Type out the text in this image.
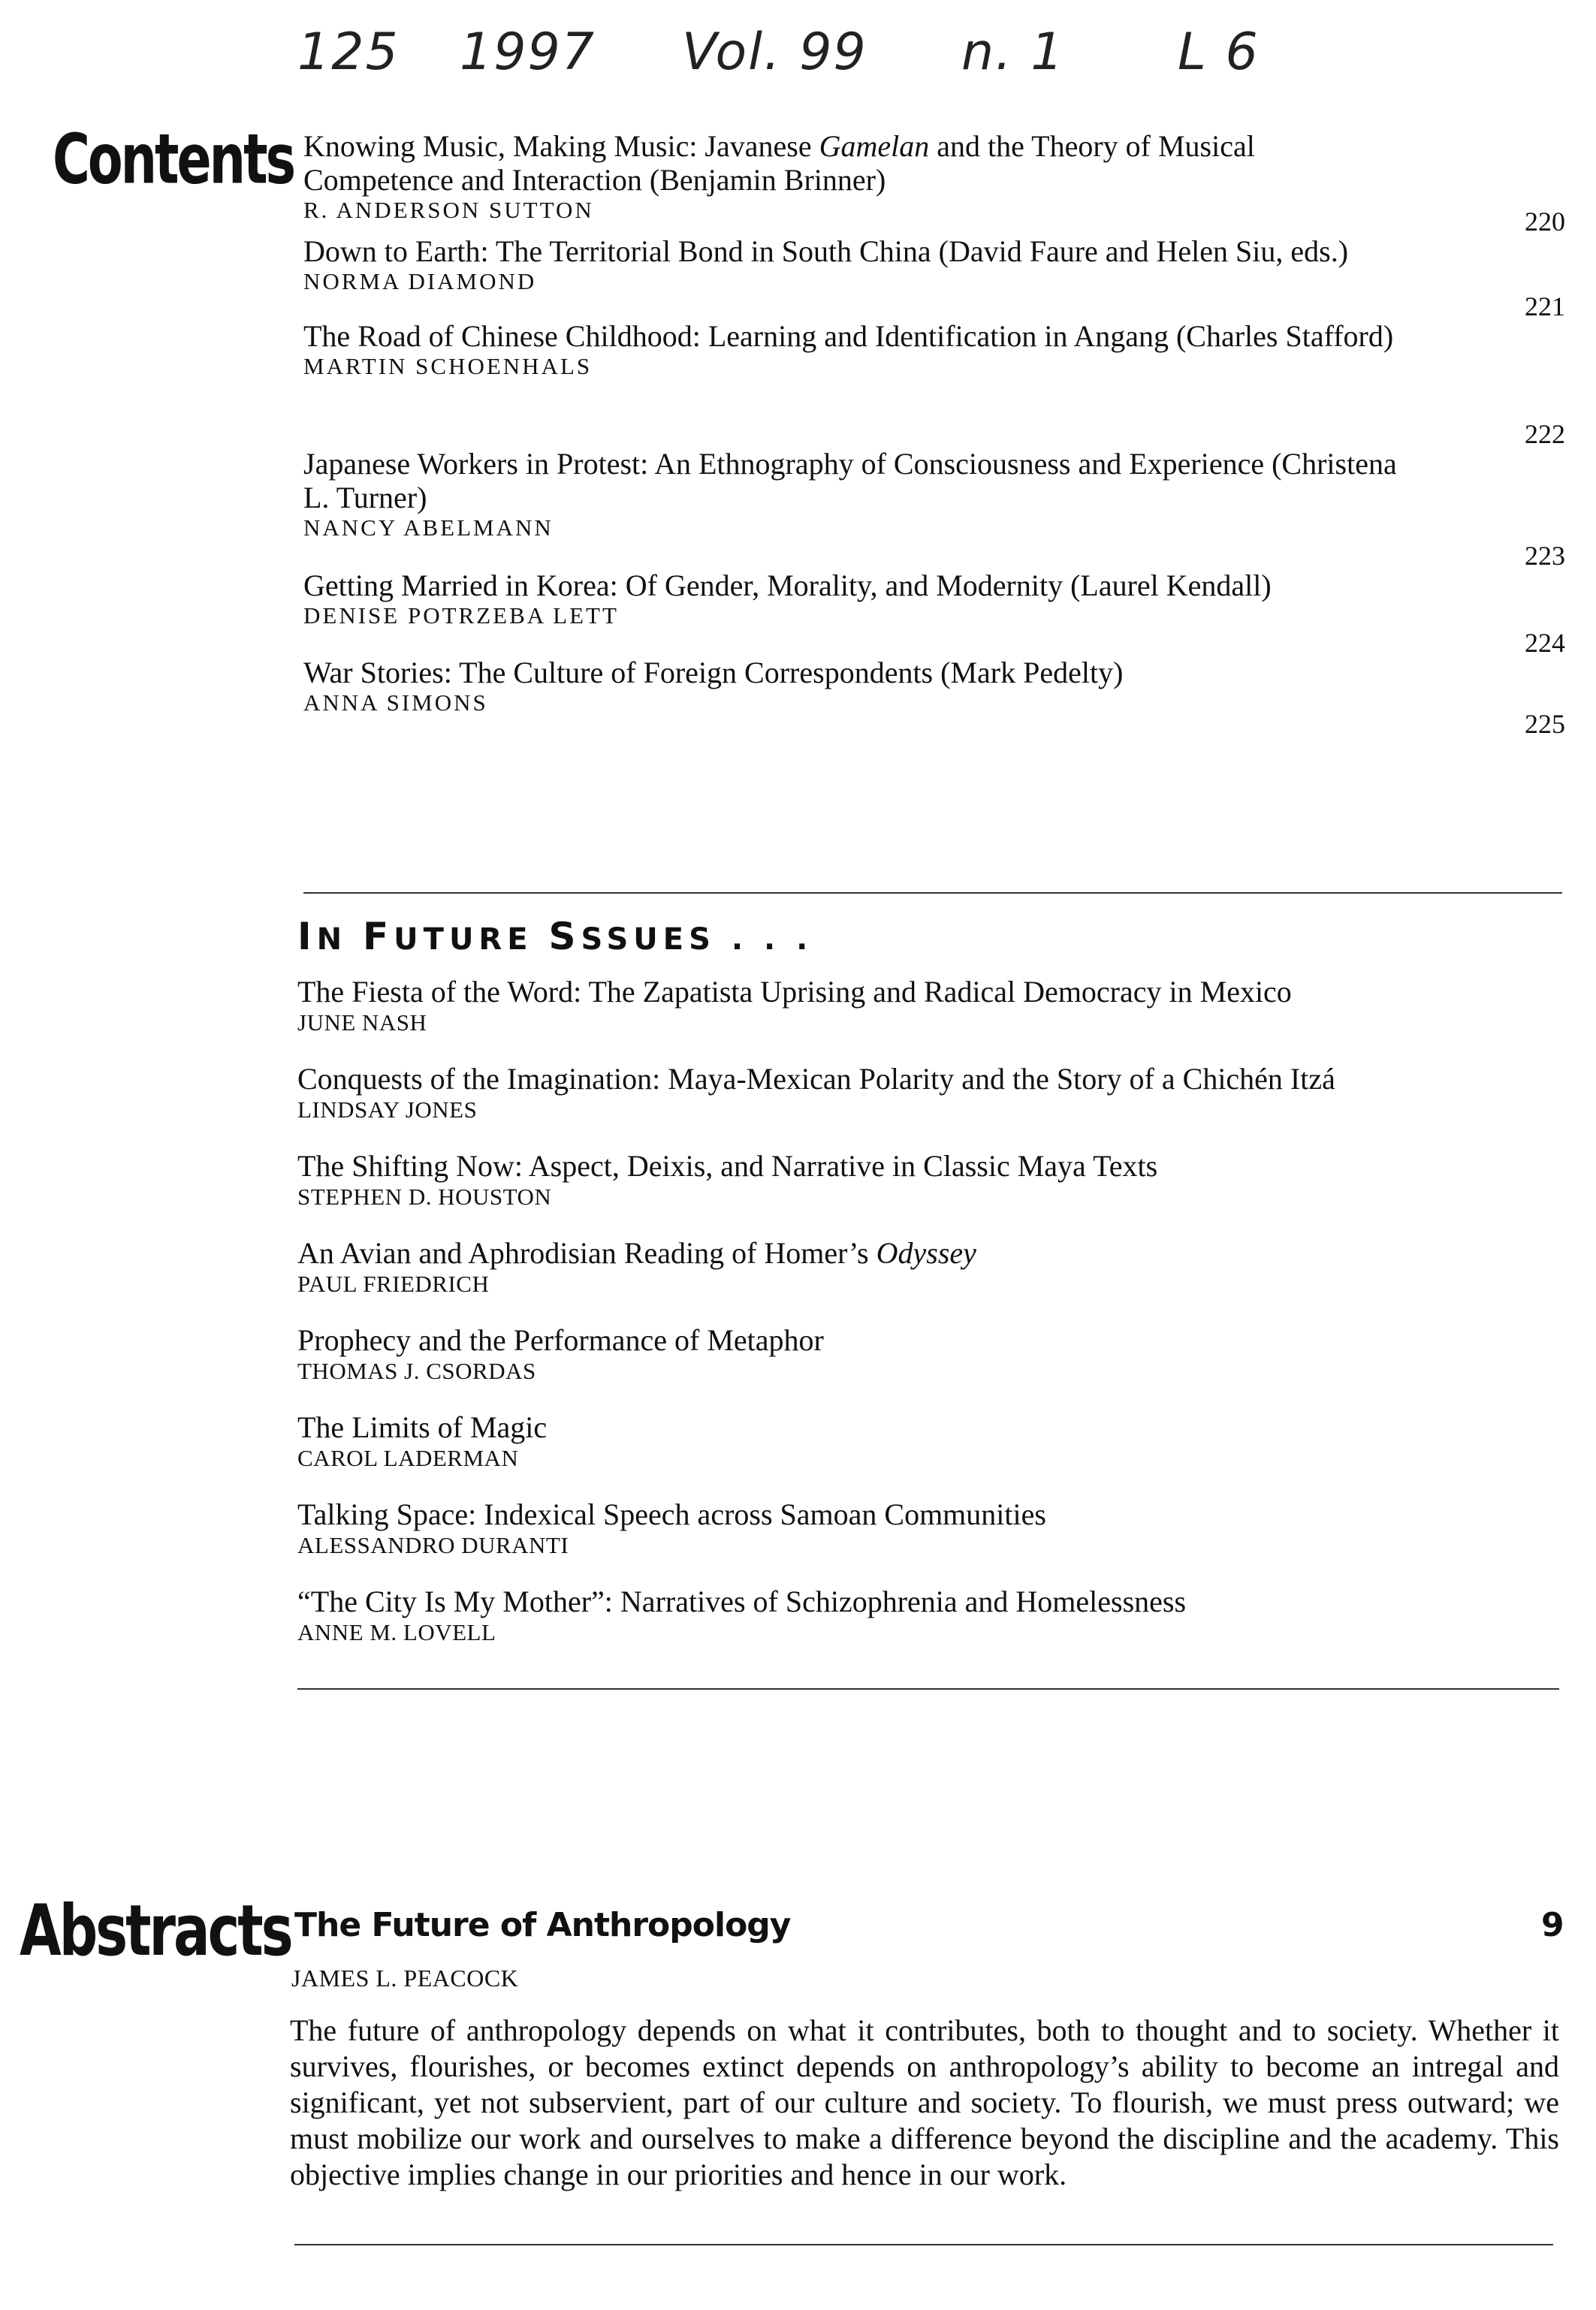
125 1997 Vol. 99 n. 1 L 6
Contents Knowing Music, Making Music: Javanese Gamelan and the Theory of Musical Competence and Interaction (Benjamin Brinner)
R. ANDERSON SUTTON	220
Down to Earth: The Territorial Bond in South China (David Faure and Helen Siu, eds.)
NORMA DIAMOND
221
The Road of Chinese Childhood: Learning and Identification in Angang (Charles Stafford)
MARTIN SCHOENHALS
222
Japanese Workers in Protest: An Ethnography of Consciousness and Experience (Christena L. Turner)
NANCY ABELMANN
223
Getting Married in Korea: Of Gender, Morality, and Modernity (Laurel Kendall)
DENISE POTRZEBA LETT
224
War Stories: The Culture of Foreign Correspondents (Mark Pedelty)
ANNA SIMONS
225
IN FUTURE SSSUES . . .
The Fiesta of the Word: The Zapatista Uprising and Radical Democracy in Mexico
JUNE NASH
Conquests of the Imagination: Maya-Mexican Polarity and the Story of a Chichén Itzá
LINDSAY JONES
The Shifting Now: Aspect, Deixis, and Narrative in Classic Maya Texts
STEPHEN D. HOUSTON
An Avian and Aphrodisian Reading of Homer’s Odyssey
PAUL FRIEDRICH
Prophecy and the Performance of Metaphor
THOMAS J. CSORDAS
The Limits of Magic
CAROL LADERMAN
Talking Space: Indexical Speech across Samoan Communities
ALESSANDRO DURANTI
“The City Is My Mother”: Narratives of Schizophrenia and Homelessness
ANNE M. LOVELL
Abstracts The Future of Anthropology	9
JAMES L. PEACOCK
The future of anthropology depends on what it contributes, both to thought and to society. Whether it survives, flourishes, or becomes extinct depends on anthropology’s ability to become an intregal and significant, yet not subservient, part of our culture and society. To flourish, we must press outward; we must mobilize our work and ourselves to make a difference beyond the discipline and the academy. This objective implies change in our priorities and hence in our work.
